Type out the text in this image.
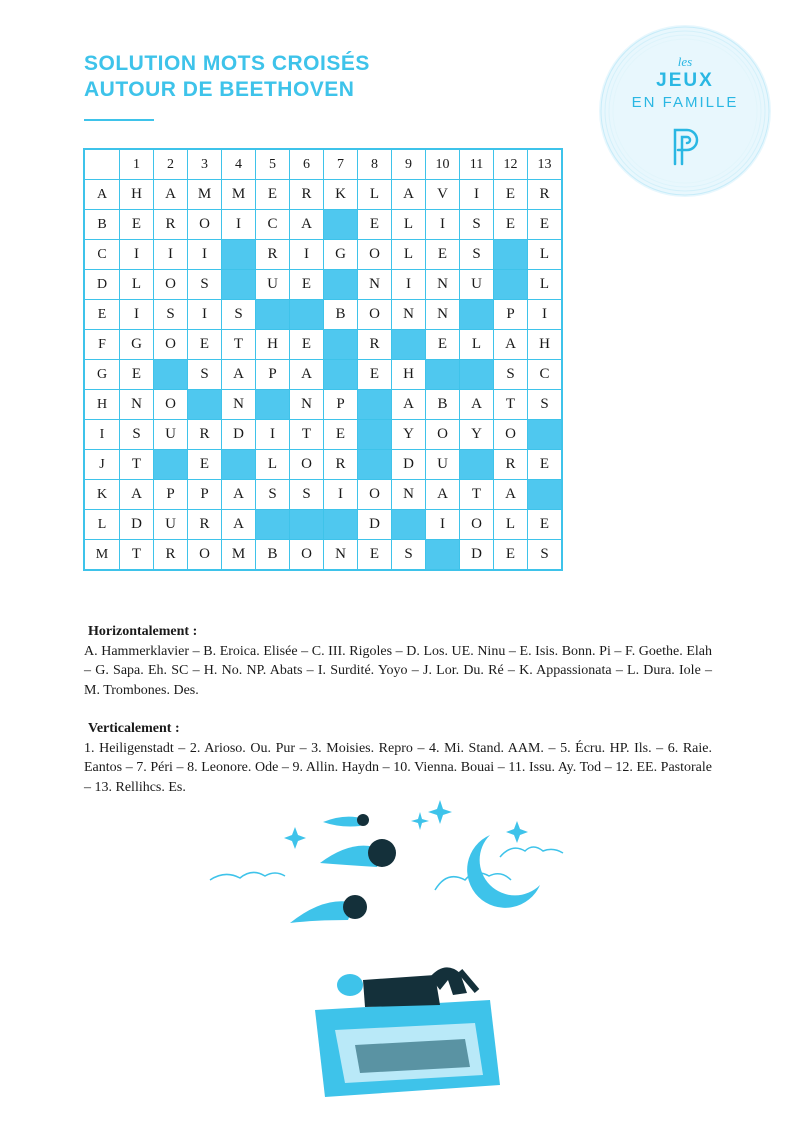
SOLUTION MOTS CROISÉS
AUTOUR DE BEETHOVEN
les
JEUX
EN FAMILLE
	1	2	3	4	5	6	7	8	9	10	11	12	13
A	H	A	M	M	E	R	K	L	A	V	I	E	R
B	E	R	O	I	C	A		E	L	I	S	E	E
C	I	I	I		R	I	G	O	L	E	S		L
D	L	O	S		U	E		N	I	N	U		L
E	I	S	I	S			B	O	N	N		P	I
F	G	O	E	T	H	E		R		E	L	A	H
G	E		S	A	P	A		E	H			S	C
H	N	O		N		N	P		A	B	A	T	S
I	S	U	R	D	I	T	E		Y	O	Y	O	
J	T		E		L	O	R		D	U		R	E
K	A	P	P	A	S	S	I	O	N	A	T	A	
L	D	U	R	A				D		I	O	L	E
M	T	R	O	M	B	O	N	E	S		D	E	S
Horizontalement :

A. Hammerklavier – B. Eroica. Elisée – C. III. Rigoles – D. Los. UE. Ninu – E. Isis. Bonn. Pi – F. Goethe. Elah – G. Sapa. Eh. SC – H. No. NP. Abats – I. Surdité. Yoyo – J. Lor. Du. Ré – K. Appassionata – L. Dura. Iole – M. Trombones. Des.

Verticalement :

1. Heiligenstadt – 2. Arioso. Ou. Pur – 3. Moisies. Repro – 4. Mi. Stand. AAM. – 5. Écru. HP. Ils. – 6. Raie. Eantos – 7. Péri – 8. Leonore. Ode – 9. Allin. Haydn – 10. Vienna. Bouai – 11. Issu. Ay. Tod – 12. EE. Pastorale – 13. Rellihcs. Es.
